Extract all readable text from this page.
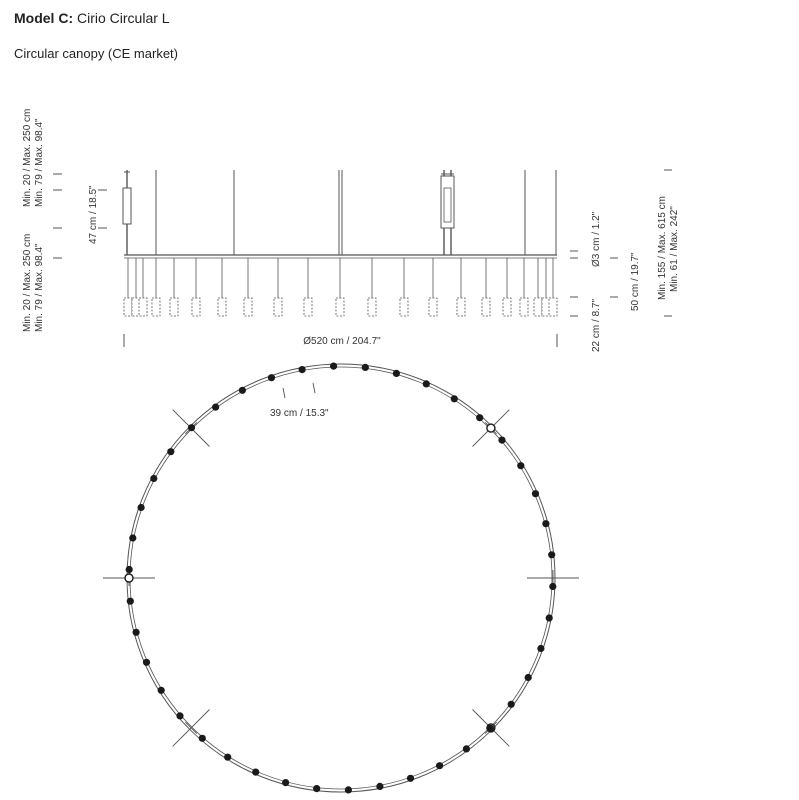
Model C: Cirio Circular L
Circular canopy (CE market)
Min. 20 / Max. 250 cm Min. 79 / Max. 98.4"
Min. 20 / Max. 250 cm Min. 79 / Max. 98.4"
47 cm / 18.5"	Ø3 cm / 1.2"
22 cm / 8.7"
50 cm / 19.7" Min. 155 / Max. 615 cm Min. 61 / Max. 242"
Ø520 cm / 204.7"
39 cm / 15.3"
